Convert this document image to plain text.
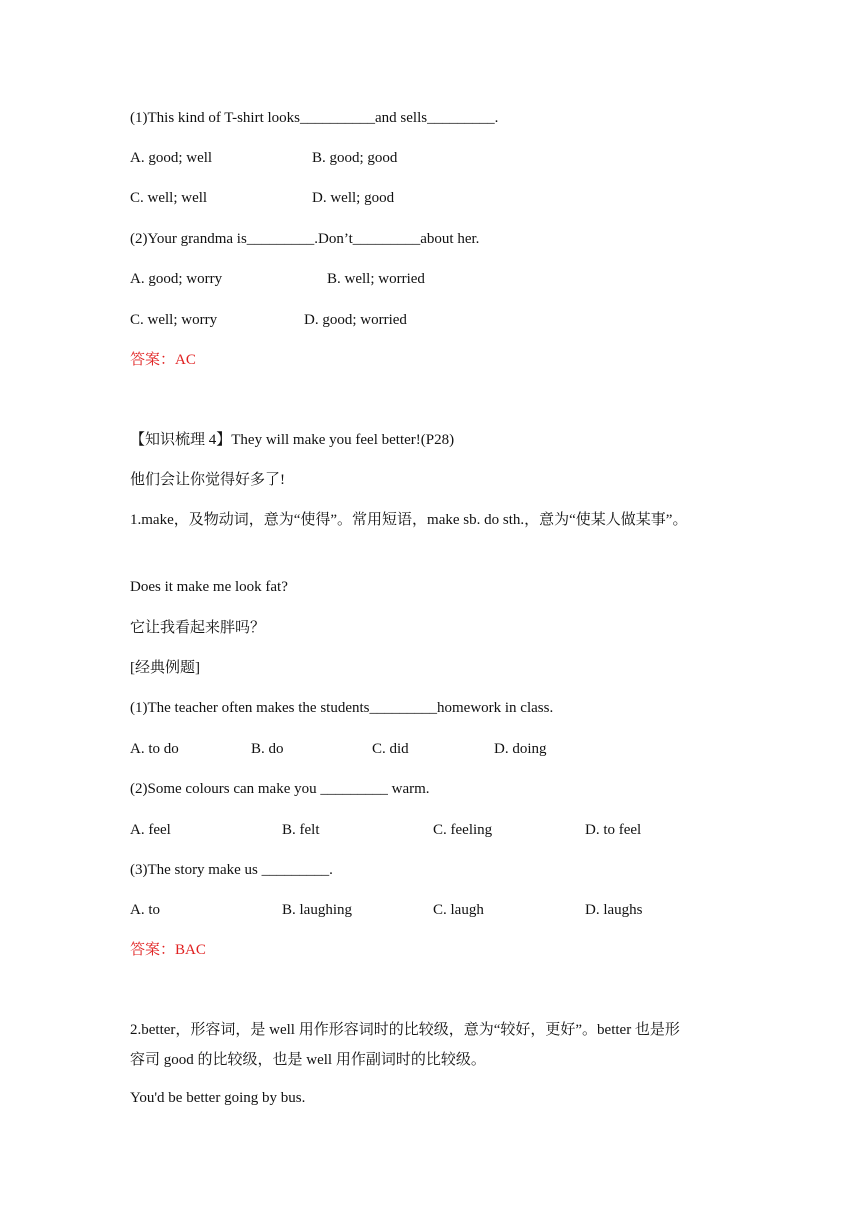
(1)This kind of T-shirt looks__________and sells_________.
A. good; well	B. good; good
C. well; well	D. well; good
(2)Your grandma is_________.Don’t_________about her.
A. good; worry	B. well; worried
C. well; worry	D. good; worried
答案：AC
【知识梳理 4】They will make you feel better!(P28)
他们会让你觉得好多了!
1.make，及物动词，意为“使得”。常用短语，make sb. do sth.，意为“使某人做某事”。
Does it make me look fat?
它让我看起来胖吗？
[经典例题]
(1)The teacher often makes the students_________homework in class.
A. to do	B. do	C. did	D. doing
(2)Some colours can make you _________ warm.
A. feel	B. felt	C. feeling	D. to feel
(3)The story make us _________.
A. to	B. laughing	C. laugh	D. laughs
答案：BAC
2.better，形容词，是 well 用作形容词时的比较级，意为“较好，更好”。better 也是形容司 good 的比较级，也是 well 用作副词时的比较级。
You'd be better going by bus.
